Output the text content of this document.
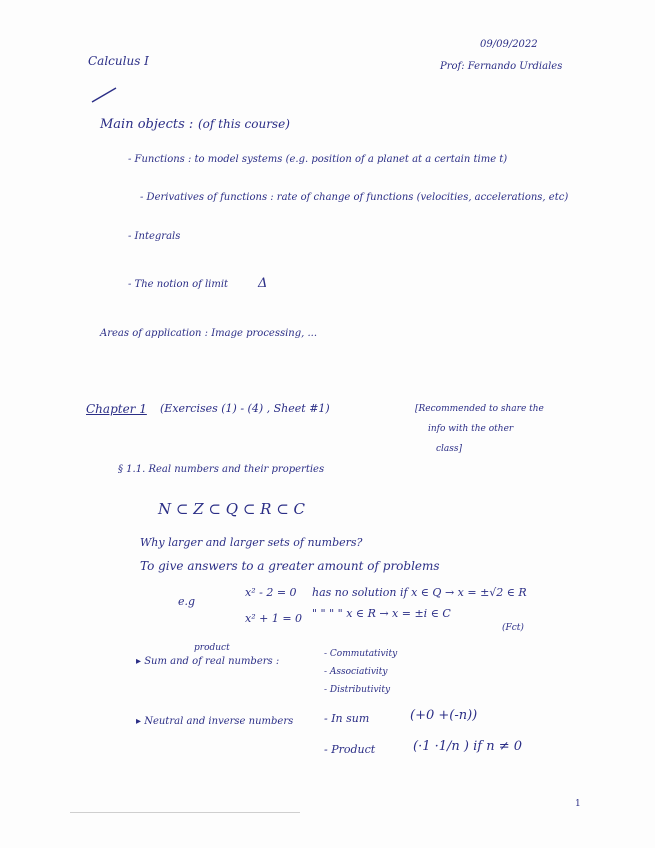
09/09/2022
Calculus I	Prof: Fernando Urdiales
Main objects : (of this course)
- Functions : to model systems (e.g. position of a planet at a certain time t)
- Derivatives of functions : rate of change of functions (velocities, accelerations, etc)
- Integrals
- The notion of limit Δ
Areas of application : Image processing, ...
Chapter 1 (Exercises (1) - (4) , Sheet #1)	[Recommended to share the
info with the other
class]
§ 1.1. Real numbers and their properties
N ⊂ Z ⊂ Q ⊂ R ⊂ C
Why larger and larger sets of numbers?
To give answers to a greater amount of problems
e.g
x² - 2 = 0 has no solution if x ∈ Q → x = ±√2 ∈ R
x² + 1 = 0 " " " " x ∈ R → x = ±i ∈ C
(Fct)
product
▸ Sum and of real numbers :
- Commutativity
- Associativity
- Distributivity
▸ Neutral and inverse numbers	- In sum	(+0 +(-n))
- Product	(·1 ·1/n ) if n ≠ 0
1
